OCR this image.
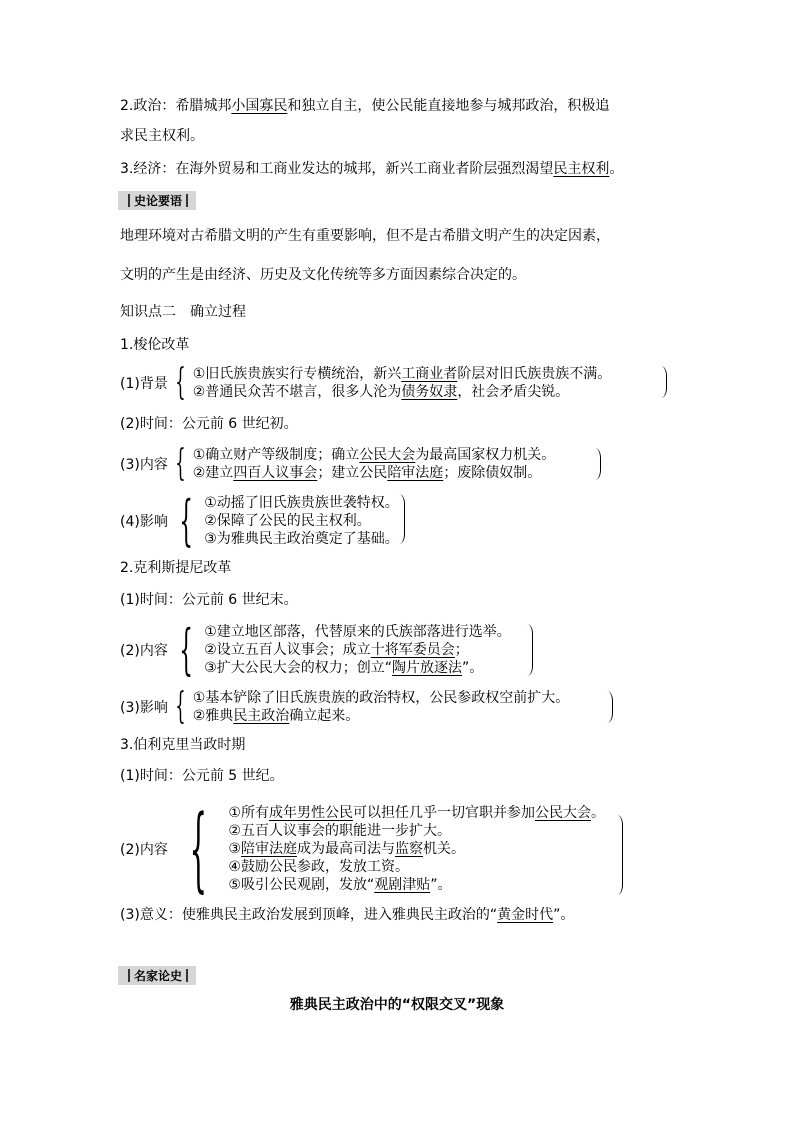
2.政治：希腊城邦小国寡民和独立自主，使公民能直接地参与城邦政治，积极追
求民主权利。
3.经济：在海外贸易和工商业发达的城邦，新兴工商业者阶层强烈渴望民主权利。
史论要语
地理环境对古希腊文明的产生有重要影响，但不是古希腊文明产生的决定因素，
文明的产生是由经济、历史及文化传统等多方面因素综合决定的。
知识点二　确立过程
1.梭伦改革
(1)背景 { ①旧氏族贵族实行专横统治，新兴工商业者阶层对旧氏族贵族不满。
②普通民众苦不堪言，很多人沦为债务奴隶，社会矛盾尖锐。
(2)时间：公元前 6 世纪初。
(3)内容 { ①确立财产等级制度；确立公民大会为最高国家权力机关。
②建立四百人议事会；建立公民陪审法庭；废除债奴制。
(4)影响 { ①动摇了旧氏族贵族世袭特权。
②保障了公民的民主权利。
③为雅典民主政治奠定了基础。
2.克利斯提尼改革
(1)时间：公元前 6 世纪末。
(2)内容 { ①建立地区部落，代替原来的氏族部落进行选举。
②设立五百人议事会；成立十将军委员会；
③扩大公民大会的权力；创立“陶片放逐法”。
(3)影响 { ①基本铲除了旧氏族贵族的政治特权，公民参政权空前扩大。
②雅典民主政治确立起来。
3.伯利克里当政时期
(1)时间：公元前 5 世纪。
(2)内容 { ①所有成年男性公民可以担任几乎一切官职并参加公民大会。
②五百人议事会的职能进一步扩大。
③陪审法庭成为最高司法与监察机关。
④鼓励公民参政，发放工资。
⑤吸引公民观剧，发放“观剧津贴”。
(3)意义：使雅典民主政治发展到顶峰，进入雅典民主政治的“黄金时代”。
名家论史
雅典民主政治中的“权限交叉”现象
